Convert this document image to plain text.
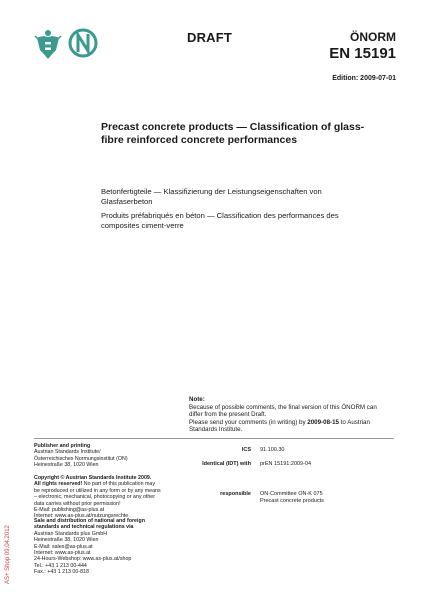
DRAFT	ÖNORM
EN 15191
Edition: 2009-07-01
Precast concrete products — Classification of glass-
fibre reinforced concrete performances
Betonfertigteile — Klassifizierung der Leistungseigenschaften von
Glasfaserbeton
Produits préfabriqués en béton — Classification des performances des
composites ciment-verre
Note:
Because of possible comments, the final version of this ÖNORM can
differ from the present Draft.
Please send your comments (in writing) by 2009-08-15 to Austrian
Standards Institute.
Publisher and printing
Austrian Standards Institute/
Österreichisches Normungsinstitut (ON)
Heinestraße 38, 1020 Wien
Copyright © Austrian Standards Institute 2009.
All rights reserved! No part of this publication may
be reproduced or utilized in any form or by any means
– electronic, mechanical, photocopying or any other
data carries without prior permission!
E-Mail: publishing@as-plus.at
Internet: www.as-plus.at/nutzungsrechte
Sale and distribution of national and foreign
standards and technical regulations via
Austrian Standards plus GmbH
Heinestraße 38, 1020 Wien
E-Mail: sales@as-plus.at
Internet: www.as-plus.at
24-Hours-Webshop: www.as-plus.at/shop
Tel.: +43 1 213 00-444
Fax.: +43 1 213 00-818
ICS 91.100.30
Identical (IDT) with prEN 15191:2009-04
responsible ON-Committee ON-K 075
Precast concrete products
AS+ Shop 09.04.2012
